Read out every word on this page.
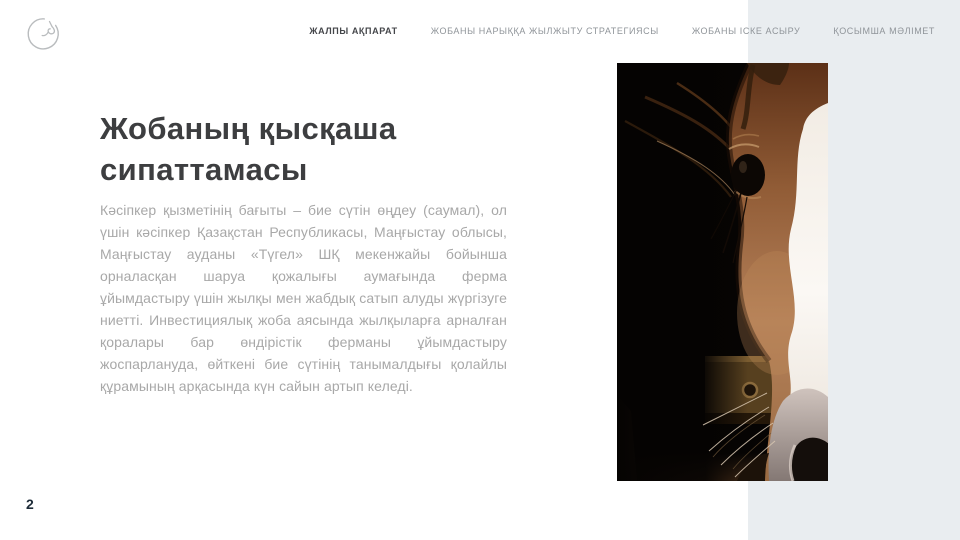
ЖАЛПЫ АҚПАРАТ	ЖОБАНЫ НАРЫҚҚА ЖЫЛЖЫТУ СТРАТЕГИЯСЫ	ЖОБАНЫ ІСКЕ АСЫРУ	ҚОСЫМША МӘЛІМЕТ
Жобаның қысқаша сипаттамасы

Кәсіпкер қызметінің бағыты – бие сүтін өңдеу (саумал), ол үшін кәсіпкер Қазақстан Республикасы, Маңғыстау облысы, Маңғыстау ауданы «Түгел» ШҚ мекенжайы бойынша орналасқан шаруа қожалығы аумағында ферма ұйымдастыру үшін жылқы мен жабдық сатып алуды жүргізуге ниетті. Инвестициялық жоба аясында жылқыларға арналған қоралары бар өндірістік ферманы ұйымдастыру жоспарлануда, өйткені бие сүтінің танымалдығы қолайлы құрамының арқасында күн сайын артып келеді.

2
